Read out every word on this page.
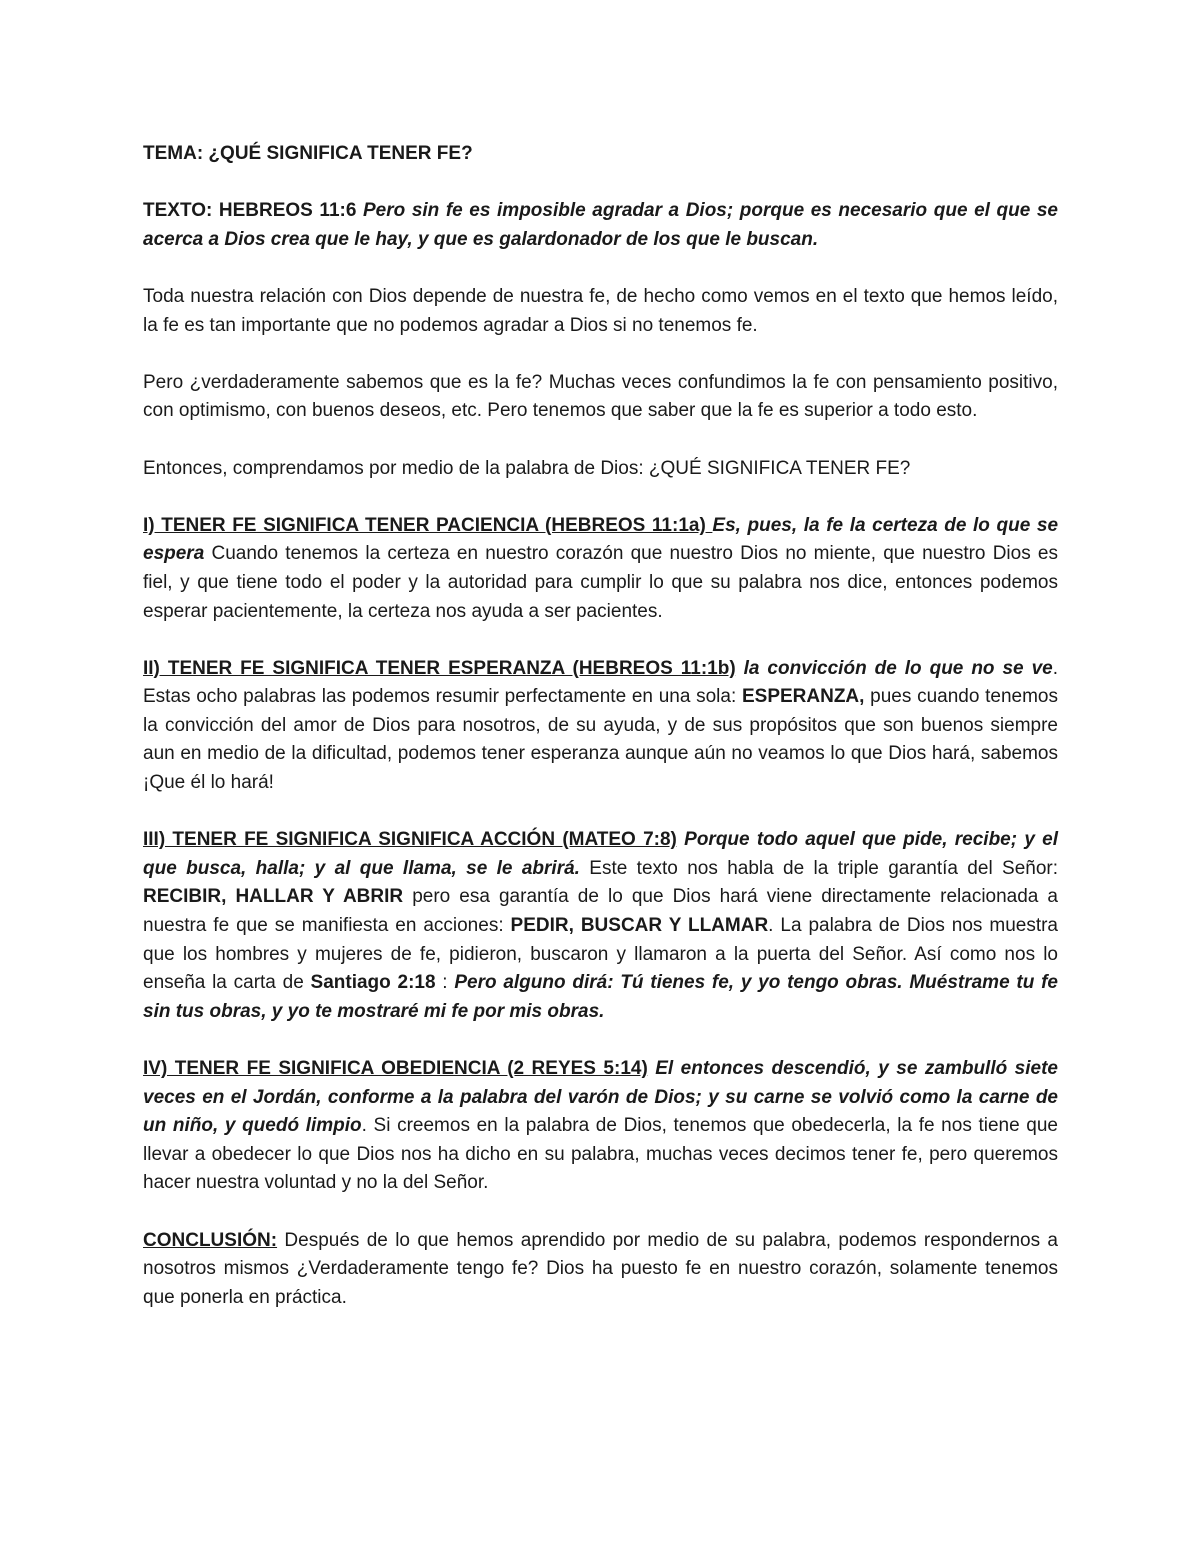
TEMA: ¿QUÉ SIGNIFICA TENER FE?

TEXTO: HEBREOS 11:6 Pero sin fe es imposible agradar a Dios; porque es necesario que el que se acerca a Dios crea que le hay, y que es galardonador de los que le buscan.

Toda nuestra relación con Dios depende de nuestra fe, de hecho como vemos en el texto que hemos leído, la fe es tan importante que no podemos agradar a Dios si no tenemos fe.

Pero ¿verdaderamente sabemos que es la fe? Muchas veces confundimos la fe con pensamiento positivo, con optimismo, con buenos deseos, etc. Pero tenemos que saber que la fe es superior a todo esto.

Entonces, comprendamos por medio de la palabra de Dios: ¿QUÉ SIGNIFICA TENER FE?

I) TENER FE SIGNIFICA TENER PACIENCIA (HEBREOS 11:1a) Es, pues, la fe la certeza de lo que se espera Cuando tenemos la certeza en nuestro corazón que nuestro Dios no miente, que nuestro Dios es fiel, y que tiene todo el poder y la autoridad para cumplir lo que su palabra nos dice, entonces podemos esperar pacientemente, la certeza nos ayuda a ser pacientes.

II) TENER FE SIGNIFICA TENER ESPERANZA (HEBREOS 11:1b) la convicción de lo que no se ve. Estas ocho palabras las podemos resumir perfectamente en una sola: ESPERANZA, pues cuando tenemos la convicción del amor de Dios para nosotros, de su ayuda, y de sus propósitos que son buenos siempre aun en medio de la dificultad, podemos tener esperanza aunque aún no veamos lo que Dios hará, sabemos ¡Que él lo hará!

III) TENER FE SIGNIFICA SIGNIFICA ACCIÓN (MATEO 7:8) Porque todo aquel que pide, recibe; y el que busca, halla; y al que llama, se le abrirá. Este texto nos habla de la triple garantía del Señor: RECIBIR, HALLAR Y ABRIR pero esa garantía de lo que Dios hará viene directamente relacionada a nuestra fe que se manifiesta en acciones: PEDIR, BUSCAR Y LLAMAR. La palabra de Dios nos muestra que los hombres y mujeres de fe, pidieron, buscaron y llamaron a la puerta del Señor. Así como nos lo enseña la carta de Santiago 2:18 : Pero alguno dirá: Tú tienes fe, y yo tengo obras. Muéstrame tu fe sin tus obras, y yo te mostraré mi fe por mis obras.

IV) TENER FE SIGNIFICA OBEDIENCIA (2 REYES 5:14) El entonces descendió, y se zambulló siete veces en el Jordán, conforme a la palabra del varón de Dios; y su carne se volvió como la carne de un niño, y quedó limpio. Si creemos en la palabra de Dios, tenemos que obedecerla, la fe nos tiene que llevar a obedecer lo que Dios nos ha dicho en su palabra, muchas veces decimos tener fe, pero queremos hacer nuestra voluntad y no la del Señor.

CONCLUSIÓN: Después de lo que hemos aprendido por medio de su palabra, podemos respondernos a nosotros mismos ¿Verdaderamente tengo fe? Dios ha puesto fe en nuestro corazón, solamente tenemos que ponerla en práctica.
